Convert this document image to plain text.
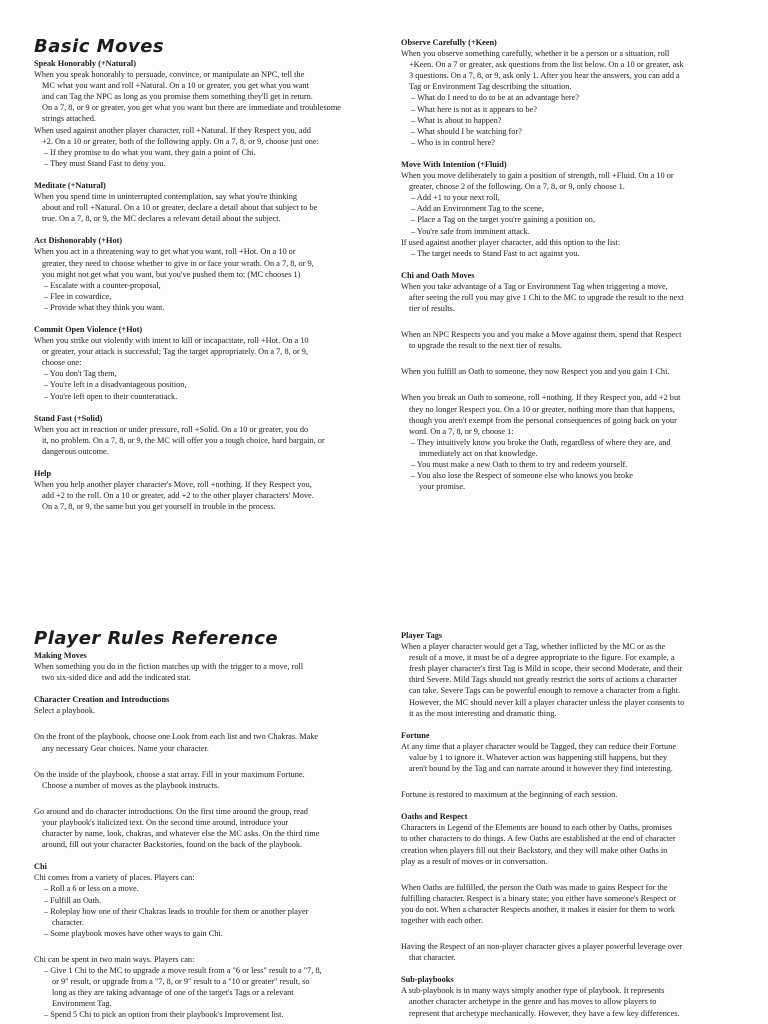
Basic Moves

Speak Honorably (+Natural)

When you speak honorably to persuade, convince, or manipulate an NPC, tell the

MC what you want and roll +Natural. On a 10 or greater, you get what you want

and can Tag the NPC as long as you promise them something they'll get in return.

On a 7, 8, or 9 or greater, you get what you want but there are immediate and troublesome

strings attached.

When used against another player character, roll +Natural. If they Respect you, add

+2. On a 10 or greater, both of the following apply. On a 7, 8, or 9, choose just one:

– If they promise to do what you want, they gain a point of Chi.

– They must Stand Fast to deny you.

Meditate (+Natural)

When you spend time in uninterrupted contemplation, say what you're thinking

about and roll +Natural. On a 10 or greater, declare a detail about that subject to be

true. On a 7, 8, or 9, the MC declares a relevant detail about the subject.

Act Dishonorably (+Hot)

When you act in a threatening way to get what you want, roll +Hot. On a 10 or

greater, they need to choose whether to give in or face your wrath. On a 7, 8, or 9,

you might not get what you want, but you've pushed them to: (MC chooses 1)

– Escalate with a counter-proposal,

– Flee in cowardice,

– Provide what they think you want.

Commit Open Violence (+Hot)

When you strike out violently with intent to kill or incapacitate, roll +Hot. On a 10

or greater, your attack is successful; Tag the target appropriately. On a 7, 8, or 9,

choose one:

– You don't Tag them,

– You're left in a disadvantageous position,

– You're left open to their counterattack.

Stand Fast (+Solid)

When you act in reaction or under pressure, roll +Solid. On a 10 or greater, you do

it, no problem. On a 7, 8, or 9, the MC will offer you a tough choice, hard bargain, or

dangerous outcome.

Help

When you help another player character's Move, roll +nothing. If they Respect you,

add +2 to the roll. On a 10 or greater, add +2 to the other player characters' Move.

On a 7, 8, or 9, the same but you get yourself in trouble in the process.

Observe Carefully (+Keen)

When you observe something carefully, whether it be a person or a situation, roll

+Keen. On a 7 or greater, ask questions from the list below. On a 10 or greater, ask

3 questions. On a 7, 8, or 9, ask only 1. After you hear the answers, you can add a

Tag or Environment Tag describing the situation.

– What do I need to do to be at an advantage here?

– What here is not as it appears to be?

– What is about to happen?

– What should I be watching for?

– Who is in control here?

Move With Intention (+Fluid)

When you move deliberately to gain a position of strength, roll +Fluid. On a 10 or

greater, choose 2 of the following. On a 7, 8, or 9, only choose 1.

– Add +1 to your next roll,

– Add an Environment Tag to the scene,

– Place a Tag on the target you're gaining a position on,

– You're safe from imminent attack.

If used against another player character, add this option to the list:

– The target needs to Stand Fast to act against you.

Chi and Oath Moves

When you take advantage of a Tag or Environment Tag when triggering a move,

after seeing the roll you may give 1 Chi to the MC to upgrade the result to the next

tier of results.

When an NPC Respects you and you make a Move against them, spend that Respect

to upgrade the result to the next tier of results.

When you fulfill an Oath to someone, they now Respect you and you gain 1 Chi.

When you break an Oath to someone, roll +nothing. If they Respect you, add +2 but

they no longer Respect you. On a 10 or greater, nothing more than that happens,

though you aren't exempt from the personal consequences of going back on your

word. On a 7, 8, or 9, choose 1:

– They intuitively know you broke the Oath, regardless of where they are, and

immediately act on that knowledge.

– You must make a new Oath to them to try and redeem yourself.

– You also lose the Respect of someone else who knows you broke

your promise.

Player Rules Reference

Making Moves

When something you do in the fiction matches up with the trigger to a move, roll

two six-sided dice and add the indicated stat.

Character Creation and Introductions

Select a playbook.

On the front of the playbook, choose one Look from each list and two Chakras. Make

any necessary Gear choices. Name your character.

On the inside of the playbook, choose a stat array. Fill in your maximum Fortune.

Choose a number of moves as the playbook instructs.

Go around and do character introductions. On the first time around the group, read

your playbook's italicized text. On the second time around, introduce your

character by name, look, chakras, and whatever else the MC asks. On the third time

around, fill out your character Backstories, found on the back of the playbook.

Chi

Chi comes from a variety of places. Players can:

– Roll a 6 or less on a move.

– Fulfill an Oath.

– Roleplay how one of their Chakras leads to trouble for them or another player

character.

– Some playbook moves have other ways to gain Chi.

Chi can be spent in two main ways. Players can:

– Give 1 Chi to the MC to upgrade a move result from a "6 or less" result to a "7, 8,

or 9" result, or upgrade from a "7, 8, or 9" result to a "10 or greater" result, so

long as they are taking advantage of one of the target's Tags or a relevant

Environment Tag.

– Spend 5 Chi to pick an option from their playbook's Improvement list.

Player Tags

When a player character would get a Tag, whether inflicted by the MC or as the

result of a move, it must be of a degree appropriate to the figure. For example, a

fresh player character's first Tag is Mild in scope, their second Moderate, and their

third Severe. Mild Tags should not greatly restrict the sorts of actions a character

can take. Severe Tags can be powerful enough to remove a character from a fight.

However, the MC should never kill a player character unless the player consents to

it as the most interesting and dramatic thing.

Fortune

At any time that a player character would be Tagged, they can reduce their Fortune

value by 1 to ignore it. Whatever action was happening still happens, but they

aren't bound by the Tag and can narrate around it however they find interesting.

Fortune is restored to maximum at the beginning of each session.

Oaths and Respect

Characters in Legend of the Elements are bound to each other by Oaths, promises

to other characters to do things. A few Oaths are established at the end of character

creation when players fill out their Backstory, and they will make other Oaths in

play as a result of moves or in conversation.

When Oaths are fulfilled, the person the Oath was made to gains Respect for the

fulfilling character. Respect is a binary state; you either have someone's Respect or

you do not. When a character Respects another, it makes it easier for them to work

together with each other.

Having the Respect of an non-player character gives a player powerful leverage over

that character.

Sub-playbooks

A sub-playbook is in many ways simply another type of playbook. It represents

another character archetype in the genre and has moves to allow players to

represent that archetype mechanically. However, they have a few key differences.
